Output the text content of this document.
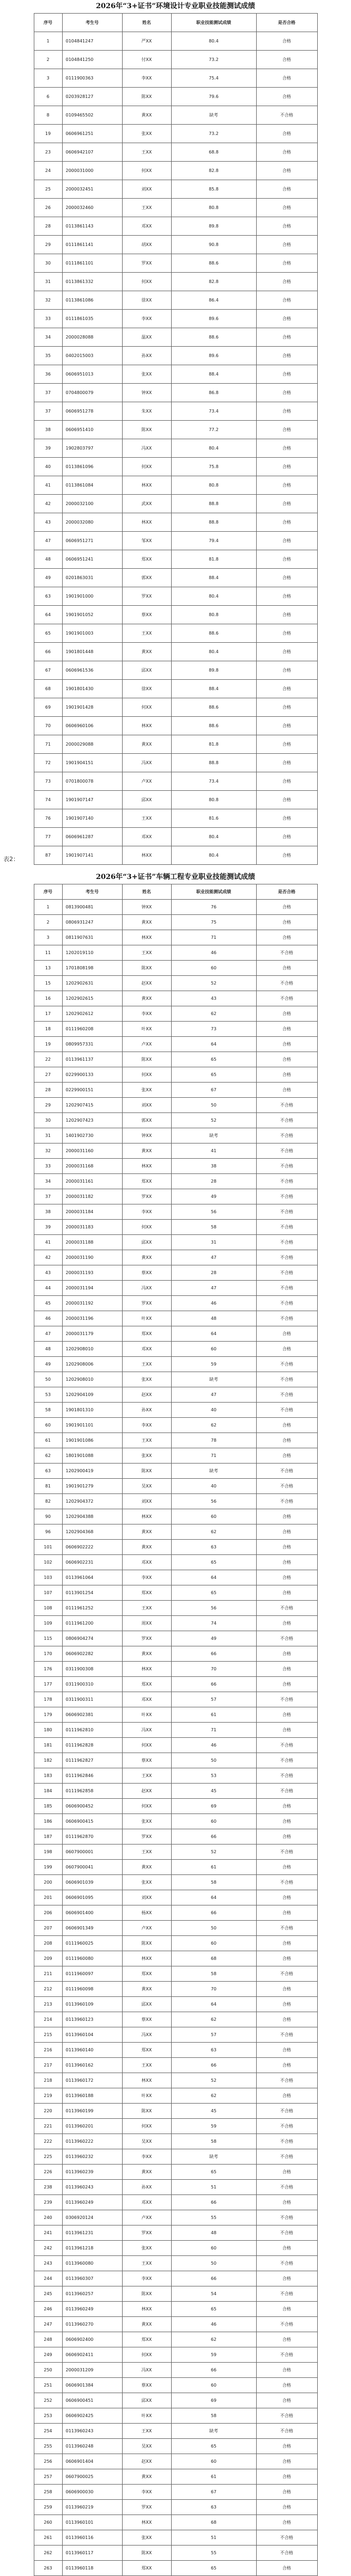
2026年“3+证书”环境设计专业职业技能测试成绩
序号	考生号	姓名	职业技能测试成绩	是否合格
1	0104841247	严XX	80.4	合格
2	0104841250	付XX	73.2	合格
3	0111900363	李XX	75.4	合格
6	0203928127	陈XX	79.6	合格
8	0109465502	黄XX	缺考	不合格
19	0606961251	张XX	73.2	合格
23	0606942107	王XX	68.8	合格
24	2000031000	何XX	82.8	合格
25	2000032451	刘XX	85.8	合格
26	2000032460	王XX	80.8	合格
28	0113861143	邓XX	89.8	合格
29	0111861141	胡XX	90.8	合格
30	0111861101	罗XX	88.6	合格
31	0113861332	何XX	82.8	合格
32	0113861086	徐XX	86.4	合格
33	0111861035	李XX	89.6	合格
34	2000028088	温XX	88.6	合格
35	0402015003	孙XX	89.6	合格
36	0606951013	张XX	88.4	合格
37	0704800079	钟XX	86.8	合格
37	0606951278	朱XX	73.4	合格
38	0606951410	陈XX	77.2	合格
39	1902803797	冯XX	80.4	合格
40	0113861096	何XX	75.8	合格
41	0113861084	林XX	80.8	合格
42	2000032100	武XX	88.8	合格
43	2000032080	林XX	88.8	合格
47	0606951271	邹XX	79.4	合格
48	0606951241	郑XX	81.8	合格
49	0201863031	郭XX	88.4	合格
63	1901901000	罗XX	80.4	合格
64	1901901052	蔡XX	80.8	合格
65	1901901003	王XX	88.6	合格
66	1901801448	黄XX	80.4	合格
67	0606961536	邱XX	89.8	合格
68	1901801430	徐XX	88.4	合格
69	1901901428	何XX	88.6	合格
70	0606960106	林XX	88.6	合格
71	2000029088	黄XX	81.8	合格
72	1901904151	冯XX	88.8	合格
73	0701800078	卢XX	73.4	合格
74	1901907147	邱XX	80.8	合格
76	1901907140	王XX	81.6	合格
77	0606961287	邓XX	80.4	合格
87	1901907141	林XX	80.4	合格
表2：
2026年“3+证书”车辆工程专业职业技能测试成绩
序号	考生号	姓名	职业技能测试成绩	是否合格
1	0813900481	钟XX	76	合格
2	0806931247	黄XX	75	合格
3	0811907631	林XX	71	合格
11	1202019110	王XX	46	不合格
13	1701808198	陈XX	60	合格
15	1202902631	赵XX	52	不合格
16	1202902615	黄XX	43	不合格
17	1202902612	李XX	62	合格
18	0111960208	叶XX	73	合格
19	0809957331	卢XX	64	合格
22	0113961137	陈XX	65	合格
27	0229900133	何XX	65	合格
28	0229900151	张XX	67	合格
29	1202907415	刘XX	50	不合格
30	1202907423	郭XX	52	不合格
31	1401902730	钟XX	缺考	不合格
32	2000031160	黄XX	41	不合格
33	2000031168	林XX	38	不合格
34	2000031161	郑XX	28	不合格
37	2000031182	罗XX	49	不合格
38	2000031184	李XX	56	不合格
39	2000031183	何XX	58	不合格
41	2000031188	邱XX	31	不合格
42	2000031190	黄XX	47	不合格
43	2000031193	蔡XX	28	不合格
44	2000031194	冯XX	47	不合格
45	2000031192	罗XX	46	不合格
46	2000031196	叶XX	48	不合格
47	2000031179	郑XX	64	合格
48	1202908010	邓XX	60	合格
49	1202908006	王XX	59	不合格
50	1202908010	张XX	缺考	不合格
53	1202904109	赵XX	47	不合格
58	1901801310	孙XX	40	不合格
60	1901901101	李XX	62	合格
61	1901901086	王XX	78	合格
62	1801901088	张XX	71	合格
63	1202900419	陈XX	缺考	不合格
81	1901901279	吴XX	40	不合格
82	1202904372	刘XX	56	不合格
90	1202904388	林XX	60	合格
96	1202904368	黄XX	62	合格
101	0606902222	黄XX	63	合格
102	0606902231	邓XX	65	合格
103	0113961064	李XX	64	合格
107	0113901254	郑XX	65	合格
108	0111961252	王XX	56	不合格
109	0111961200	周XX	74	合格
115	0806904274	罗XX	49	不合格
170	0606902282	黄XX	66	合格
176	0311900308	林XX	70	合格
177	0311900310	郑XX	66	合格
178	0311900311	邓XX	57	不合格
179	0606902381	叶XX	61	合格
180	0111962810	冯XX	71	合格
181	0111962828	何XX	46	不合格
182	0111962827	蔡XX	50	不合格
183	0111962846	王XX	53	不合格
184	0111962858	赵XX	45	不合格
185	0606900452	何XX	69	合格
186	0606900415	张XX	60	合格
187	0111962870	罗XX	66	合格
198	0607900001	王XX	52	不合格
199	0607900041	黄XX	61	合格
200	0606901039	张XX	58	不合格
201	0606901095	刘XX	64	合格
206	0606901400	杨XX	66	合格
207	0606901349	卢XX	50	不合格
208	0111960025	陈XX	60	合格
209	0111960080	林XX	68	合格
211	0111960097	郑XX	58	不合格
212	0111960098	黄XX	70	合格
213	0113960109	邱XX	64	合格
214	0113960123	蔡XX	62	合格
215	0113960104	冯XX	57	不合格
216	0113960140	郑XX	63	合格
217	0113960162	王XX	66	合格
218	0113960172	林XX	52	不合格
219	0113960188	叶XX	62	合格
220	0113960199	陈XX	45	不合格
221	0113960201	何XX	59	不合格
222	0113960222	吴XX	58	不合格
225	0113960232	李XX	缺考	不合格
226	0113960239	黄XX	65	合格
238	0113960243	孙XX	51	不合格
239	0113960249	邓XX	66	合格
240	0306920124	卢XX	55	不合格
241	0113961231	罗XX	48	不合格
242	0113961218	张XX	60	合格
243	0113960080	王XX	50	不合格
244	0113960307	李XX	66	合格
245	0113960257	陈XX	54	不合格
246	0113960249	林XX	65	合格
247	0113960270	黄XX	46	不合格
248	0606902400	郑XX	62	合格
249	0606902411	何XX	59	不合格
250	2000031209	冯XX	66	合格
251	0606901384	蔡XX	60	合格
252	0606900451	邱XX	69	合格
253	0606902425	叶XX	58	不合格
254	0113960243	王XX	缺考	不合格
255	0113960248	吴XX	65	合格
256	0606901404	赵XX	60	合格
257	0607900025	黄XX	61	合格
258	0606900030	李XX	67	合格
259	0113960219	罗XX	63	合格
260	0113960101	林XX	68	合格
261	0113960116	张XX	51	不合格
262	0113960117	陈XX	55	不合格
263	0113960118	郑XX	65	合格
